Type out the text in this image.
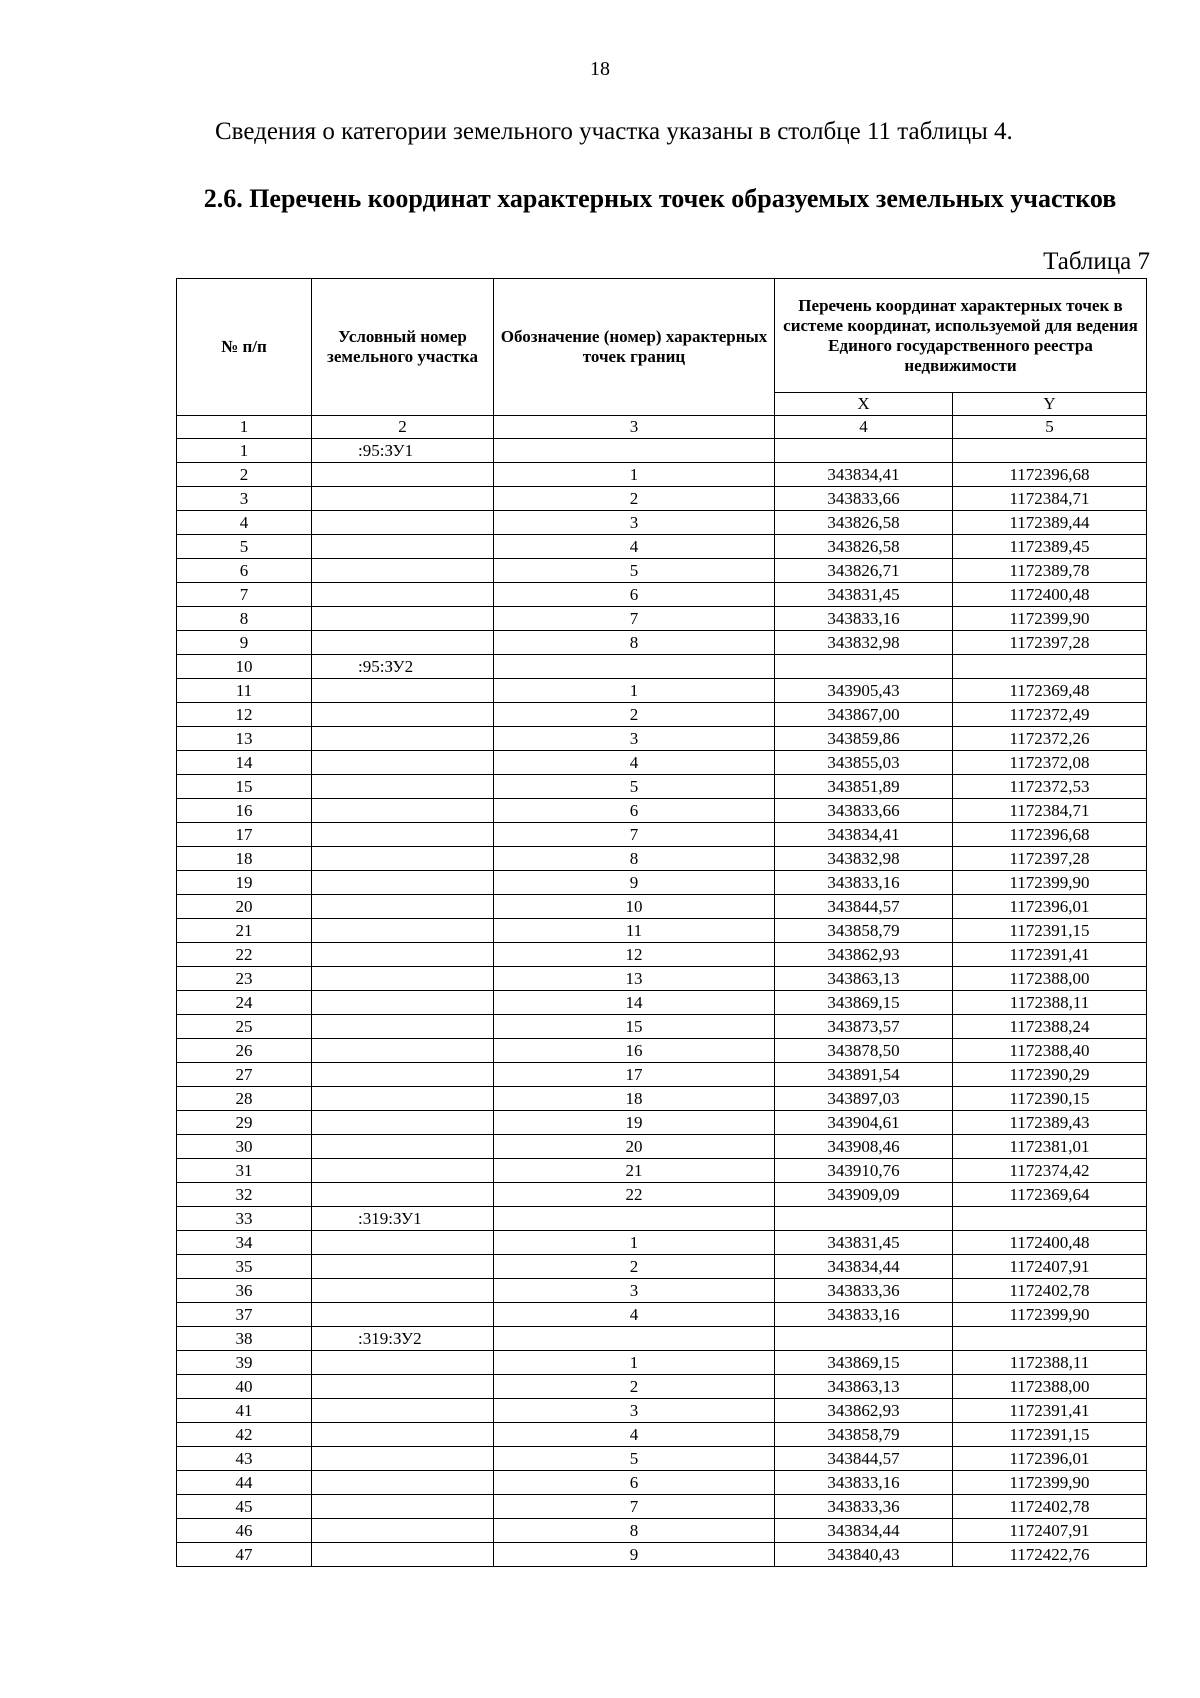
18
Сведения о категории земельного участка указаны в столбце 11 таблицы 4.
2.6. Перечень координат характерных точек образуемых земельных участков
Таблица 7
№ п/п	Условный номер земельного участка	Обозначение (номер) характерных точек границ	Перечень координат характерных точек в системе координат, используемой для ведения Единого государственного реестра недвижимости	
			X	Y
1	2	3	4	5
1	:95:ЗУ1			
2		1	343834,41	1172396,68
3		2	343833,66	1172384,71
4		3	343826,58	1172389,44
5		4	343826,58	1172389,45
6		5	343826,71	1172389,78
7		6	343831,45	1172400,48
8		7	343833,16	1172399,90
9		8	343832,98	1172397,28
10	:95:ЗУ2			
11		1	343905,43	1172369,48
12		2	343867,00	1172372,49
13		3	343859,86	1172372,26
14		4	343855,03	1172372,08
15		5	343851,89	1172372,53
16		6	343833,66	1172384,71
17		7	343834,41	1172396,68
18		8	343832,98	1172397,28
19		9	343833,16	1172399,90
20		10	343844,57	1172396,01
21		11	343858,79	1172391,15
22		12	343862,93	1172391,41
23		13	343863,13	1172388,00
24		14	343869,15	1172388,11
25		15	343873,57	1172388,24
26		16	343878,50	1172388,40
27		17	343891,54	1172390,29
28		18	343897,03	1172390,15
29		19	343904,61	1172389,43
30		20	343908,46	1172381,01
31		21	343910,76	1172374,42
32		22	343909,09	1172369,64
33	:319:ЗУ1			
34		1	343831,45	1172400,48
35		2	343834,44	1172407,91
36		3	343833,36	1172402,78
37		4	343833,16	1172399,90
38	:319:ЗУ2			
39		1	343869,15	1172388,11
40		2	343863,13	1172388,00
41		3	343862,93	1172391,41
42		4	343858,79	1172391,15
43		5	343844,57	1172396,01
44		6	343833,16	1172399,90
45		7	343833,36	1172402,78
46		8	343834,44	1172407,91
47		9	343840,43	1172422,76
